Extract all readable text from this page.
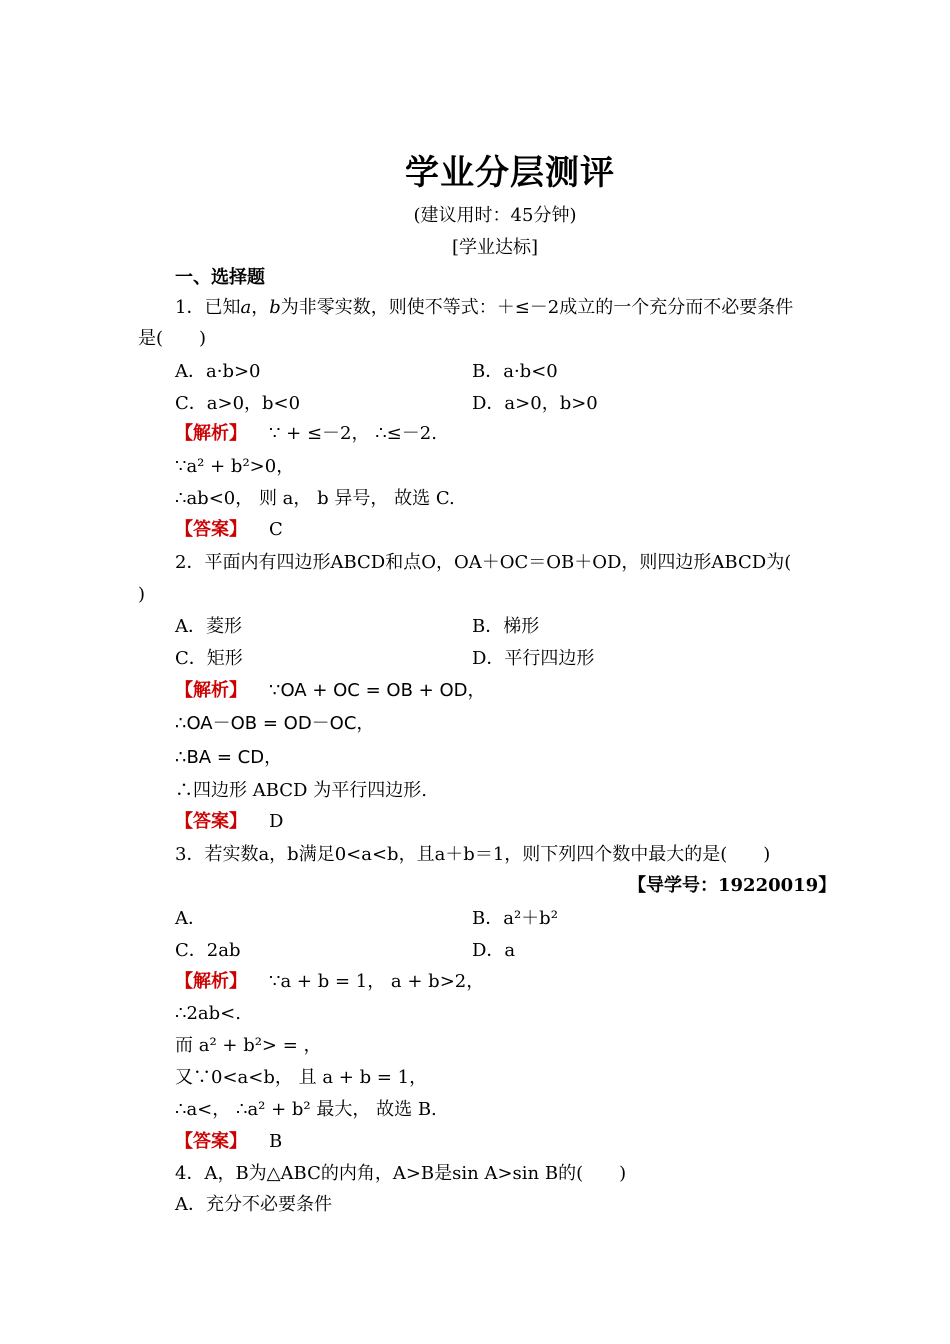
学业分层测评
(建议用时：45分钟)
[学业达标]
一、选择题
1．已知a，b为非零实数，则使不等式：＋≤－2成立的一个充分而不必要条件
是(　　)
A．a·b>0	B．a·b<0
C．a>0，b<0	D．a>0，b>0
【解析】 ∵ + ≤－2， ∴≤－2.
∵a² + b²>0，
∴ab<0， 则 a， b 异号， 故选 C.
【答案】 C
2．平面内有四边形ABCD和点O，OA＋OC＝OB＋OD，则四边形ABCD为(
)
A．菱形	B．梯形
C．矩形	D．平行四边形
【解析】 ∵OA + OC = OB + OD，
∴OA－OB = OD－OC，
∴BA = CD，
∴四边形 ABCD 为平行四边形.
【答案】 D
3．若实数a，b满足0<a<b，且a＋b＝1，则下列四个数中最大的是(　　)
【导学号：19220019】
A．	B．a²＋b²
C．2ab	D．a
【解析】 ∵a + b = 1， a + b>2，
∴2ab<.
而 a² + b²> = ，
又∵0<a<b， 且 a + b = 1，
∴a<， ∴a² + b² 最大， 故选 B.
【答案】 B
4．A，B为△ABC的内角，A>B是sin A>sin B的(　　)
A．充分不必要条件
